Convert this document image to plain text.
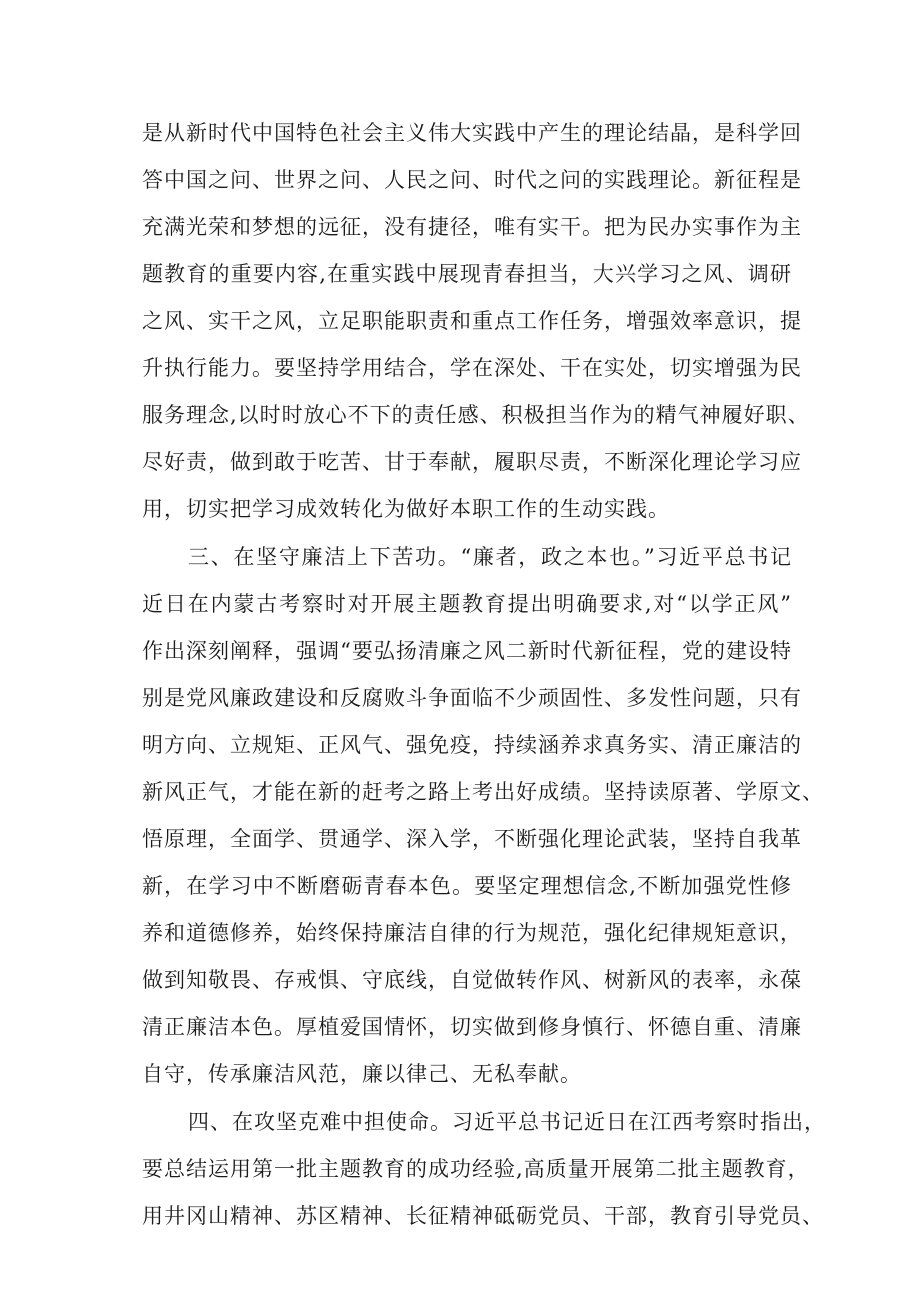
是从新时代中国特色社会主义伟大实践中产生的理论结晶，是科学回
答中国之问、世界之问、人民之问、时代之问的实践理论。新征程是
充满光荣和梦想的远征，没有捷径，唯有实干。把为民办实事作为主
题教育的重要内容,在重实践中展现青春担当，大兴学习之风、调研
之风、实干之风，立足职能职责和重点工作任务，增强效率意识，提
升执行能力。要坚持学用结合，学在深处、干在实处，切实增强为民
服务理念,以时时放心不下的责任感、积极担当作为的精气神履好职、
尽好责，做到敢于吃苦、甘于奉献，履职尽责，不断深化理论学习应
用，切实把学习成效转化为做好本职工作的生动实践。
三、在坚守廉洁上下苦功。“廉者，政之本也。”习近平总书记
近日在内蒙古考察时对开展主题教育提出明确要求,对“以学正风”
作出深刻阐释，强调“要弘扬清廉之风二新时代新征程，党的建设特
别是党风廉政建设和反腐败斗争面临不少顽固性、多发性问题，只有
明方向、立规矩、正风气、强免疫，持续涵养求真务实、清正廉洁的
新风正气，才能在新的赶考之路上考出好成绩。坚持读原著、学原文、
悟原理，全面学、贯通学、深入学，不断强化理论武装，坚持自我革
新，在学习中不断磨砺青春本色。要坚定理想信念,不断加强党性修
养和道德修养，始终保持廉洁自律的行为规范，强化纪律规矩意识，
做到知敬畏、存戒惧、守底线，自觉做转作风、树新风的表率，永葆
清正廉洁本色。厚植爱国情怀，切实做到修身慎行、怀德自重、清廉
自守，传承廉洁风范，廉以律己、无私奉献。
四、在攻坚克难中担使命。习近平总书记近日在江西考察时指出，
要总结运用第一批主题教育的成功经验,高质量开展第二批主题教育，
用井冈山精神、苏区精神、长征精神砥砺党员、干部，教育引导党员、
